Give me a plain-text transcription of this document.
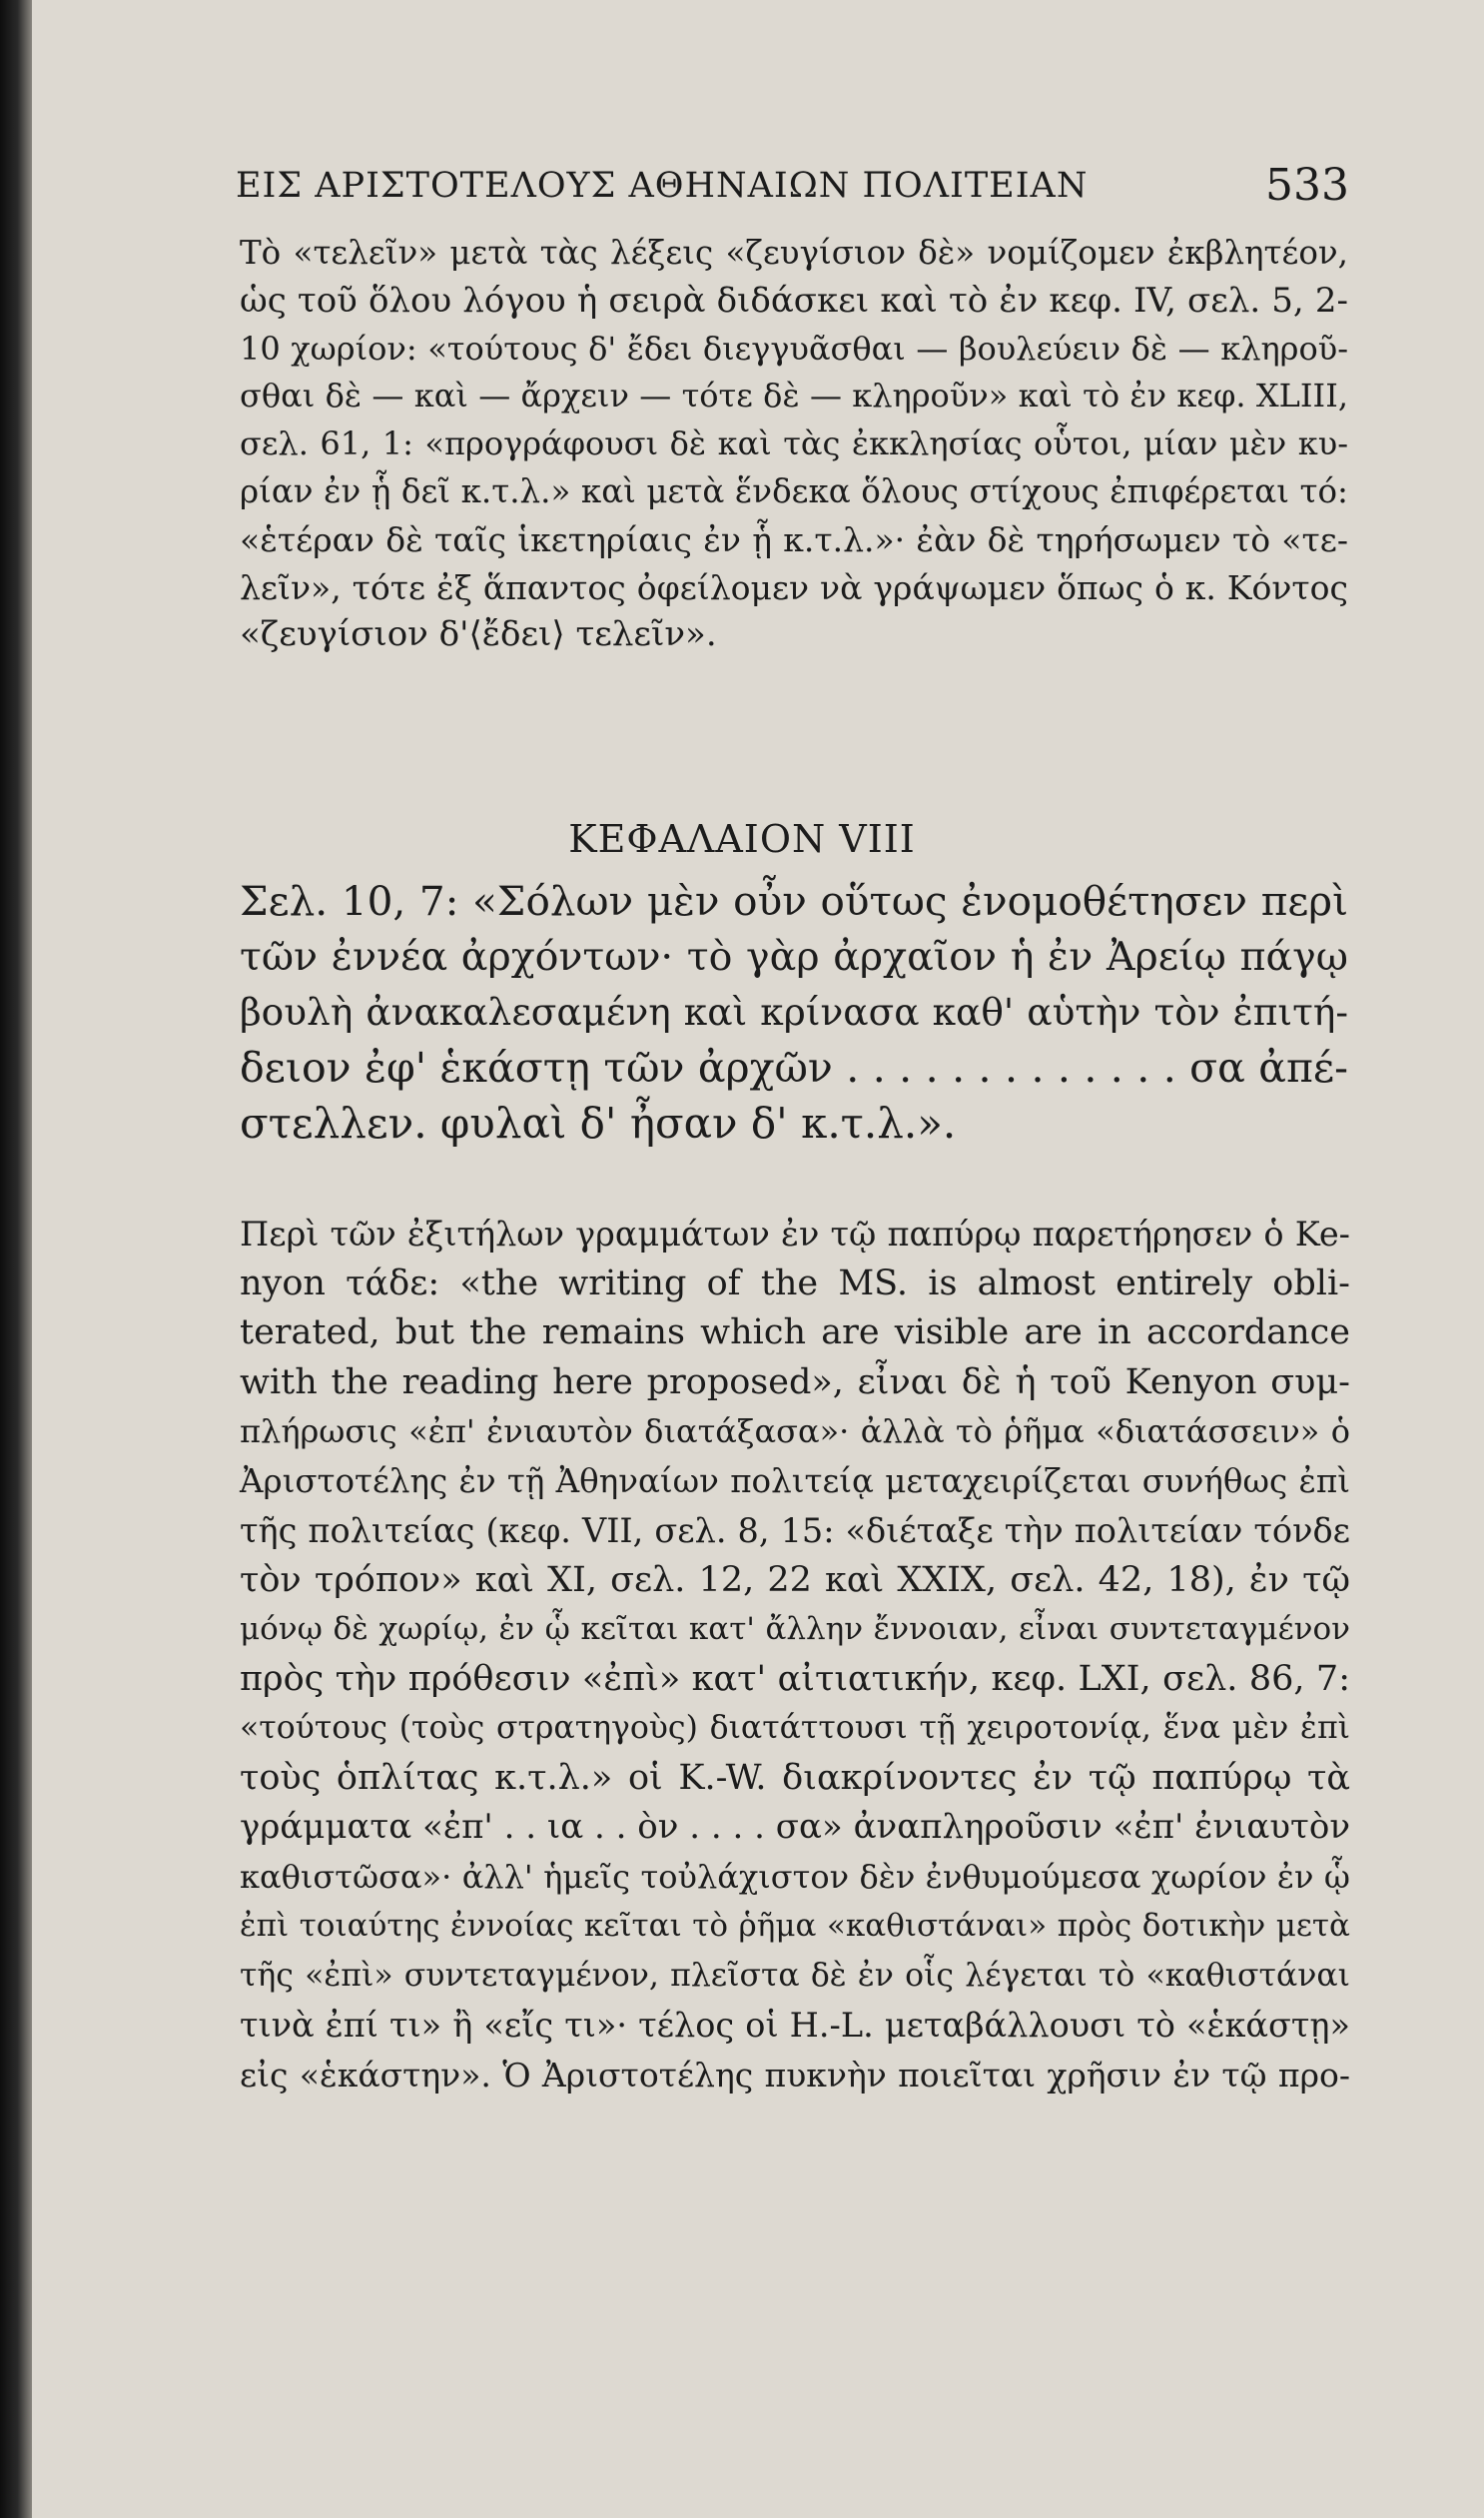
ΕΙΣ ΑΡΙΣΤΟΤΕΛΟΥΣ ΑΘΗΝΑΙΩΝ ΠΟΛΙΤΕΙΑΝ	533
Τὸ «τελεῖν» μετὰ τὰς λέξεις «ζευγίσιον δὲ» νομίζομεν ἐκβλητέον,
ὡς τοῦ ὅλου λόγου ἡ σειρὰ διδάσκει καὶ τὸ ἐν κεφ. IV, σελ. 5, 2-
10 χωρίον: «τούτους δ' ἔδει διεγγυᾶσθαι — βουλεύειν δὲ — κληροῦ-
σθαι δὲ — καὶ — ἄρχειν — τότε δὲ — κληροῦν» καὶ τὸ ἐν κεφ. XLIII,
σελ. 61, 1: «προγράφουσι δὲ καὶ τὰς ἐκκλησίας οὗτοι, μίαν μὲν κυ-
ρίαν ἐν ᾗ δεῖ κ.τ.λ.» καὶ μετὰ ἕνδεκα ὅλους στίχους ἐπιφέρεται τό:
«ἑτέραν δὲ ταῖς ἱκετηρίαις ἐν ᾗ κ.τ.λ.»· ἐὰν δὲ τηρήσωμεν τὸ «τε-
λεῖν», τότε ἐξ ἅπαντος ὀφείλομεν νὰ γράψωμεν ὅπως ὁ κ. Κόντος
«ζευγίσιον δ'⟨ἔδει⟩ τελεῖν».
ΚΕΦΑΛΑΙΟΝ VIII
Σελ. 10, 7: «Σόλων μὲν οὖν οὕτως ἐνομοθέτησεν περὶ
τῶν ἐννέα ἀρχόντων· τὸ γὰρ ἀρχαῖον ἡ ἐν Ἀρείῳ πάγῳ
βουλὴ ἀνακαλεσαμένη καὶ κρίνασα καθ' αὑτὴν τὸν ἐπιτή-
δειον ἐφ' ἑκάστῃ τῶν ἀρχῶν . . . . . . . . . . . . . σα ἀπέ-
στελλεν. φυλαὶ δ' ἦσαν δ' κ.τ.λ.».
Περὶ τῶν ἐξιτήλων γραμμάτων ἐν τῷ παπύρῳ παρετήρησεν ὁ Ke-
nyon τάδε: «the writing of the MS. is almost entirely obli-
terated, but the remains which are visible are in accordance
with the reading here proposed», εἶναι δὲ ἡ τοῦ Kenyon συμ-
πλήρωσις «ἐπ' ἐνιαυτὸν διατάξασα»· ἀλλὰ τὸ ῥῆμα «διατάσσειν» ὁ
Ἀριστοτέλης ἐν τῇ Ἀθηναίων πολιτείᾳ μεταχειρίζεται συνήθως ἐπὶ
τῆς πολιτείας (κεφ. VII, σελ. 8, 15: «διέταξε τὴν πολιτείαν τόνδε
τὸν τρόπον» καὶ XI, σελ. 12, 22 καὶ XXIX, σελ. 42, 18), ἐν τῷ
μόνῳ δὲ χωρίῳ, ἐν ᾧ κεῖται κατ' ἄλλην ἔννοιαν, εἶναι συντεταγμένον
πρὸς τὴν πρόθεσιν «ἐπὶ» κατ' αἰτιατικήν, κεφ. LXI, σελ. 86, 7:
«τούτους (τοὺς στρατηγοὺς) διατάττουσι τῇ χειροτονίᾳ, ἕνα μὲν ἐπὶ
τοὺς ὁπλίτας κ.τ.λ.» οἱ K.-W. διακρίνοντες ἐν τῷ παπύρῳ τὰ
γράμματα «ἐπ' . . ια . . ὸν . . . . σα» ἀναπληροῦσιν «ἐπ' ἐνιαυτὸν
καθιστῶσα»· ἀλλ' ἡμεῖς τοὐλάχιστον δὲν ἐνθυμούμεσα χωρίον ἐν ᾧ
ἐπὶ τοιαύτης ἐννοίας κεῖται τὸ ῥῆμα «καθιστάναι» πρὸς δοτικὴν μετὰ
τῆς «ἐπὶ» συντεταγμένον, πλεῖστα δὲ ἐν οἷς λέγεται τὸ «καθιστάναι
τινὰ ἐπί τι» ἢ «εἴς τι»· τέλος οἱ H.-L. μεταβάλλουσι τὸ «ἑκάστῃ»
εἰς «ἑκάστην». Ὁ Ἀριστοτέλης πυκνὴν ποιεῖται χρῆσιν ἐν τῷ προ-
